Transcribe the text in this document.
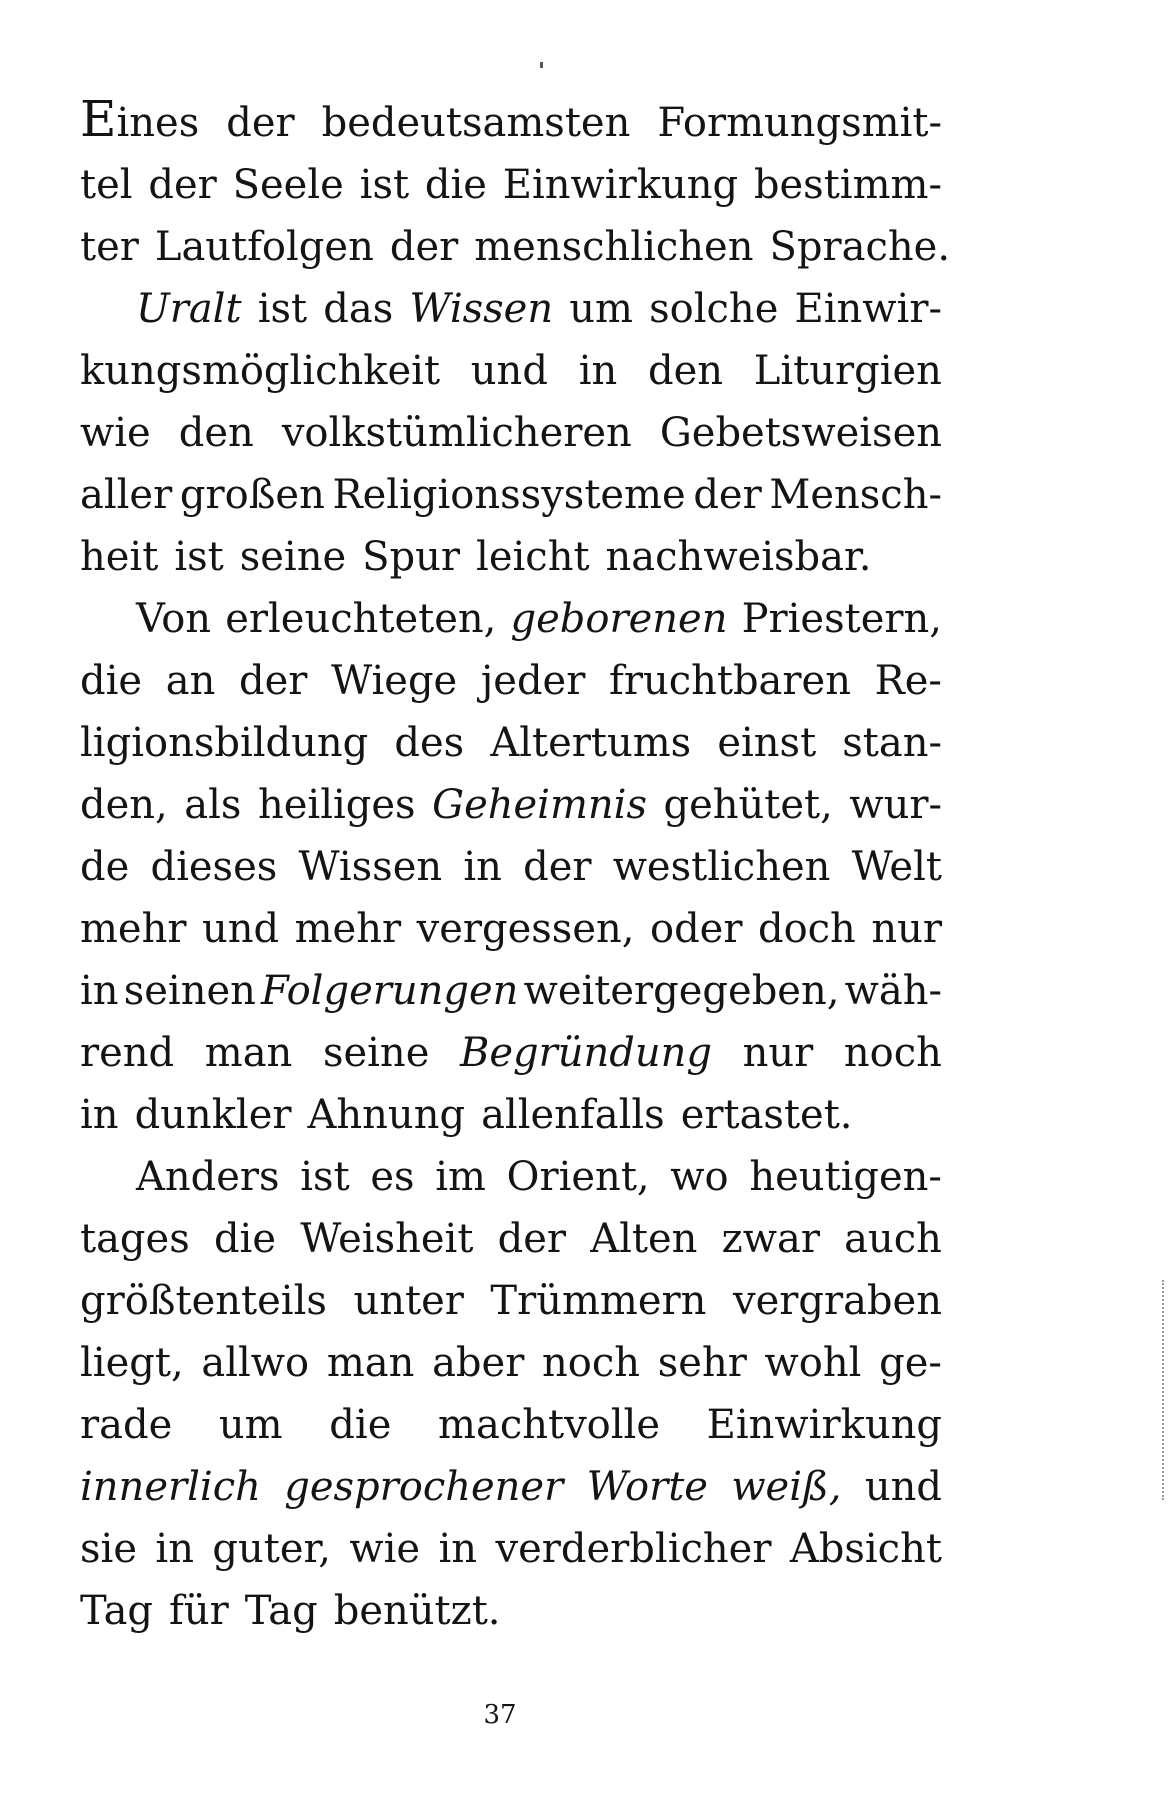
Eines der bedeutsamsten Formungsmit-
tel der Seele ist die Einwirkung bestimm-
ter Lautfolgen der menschlichen Sprache.
Uralt ist das Wissen um solche Einwir-
kungsmöglichkeit und in den Liturgien
wie den volkstümlicheren Gebetsweisen
aller großen Religionssysteme der Mensch-
heit ist seine Spur leicht nachweisbar.
Von erleuchteten, geborenen Priestern,
die an der Wiege jeder fruchtbaren Re-
ligionsbildung des Altertums einst stan-
den, als heiliges Geheimnis gehütet, wur-
de dieses Wissen in der westlichen Welt
mehr und mehr vergessen, oder doch nur
in seinen Folgerungen weitergegeben, wäh-
rend man seine Begründung nur noch
in dunkler Ahnung allenfalls ertastet.
Anders ist es im Orient, wo heutigen-
tages die Weisheit der Alten zwar auch
größtenteils unter Trümmern vergraben
liegt, allwo man aber noch sehr wohl ge-
rade um die machtvolle Einwirkung
innerlich gesprochener Worte weiß, und
sie in guter, wie in verderblicher Absicht
Tag für Tag benützt.
37
